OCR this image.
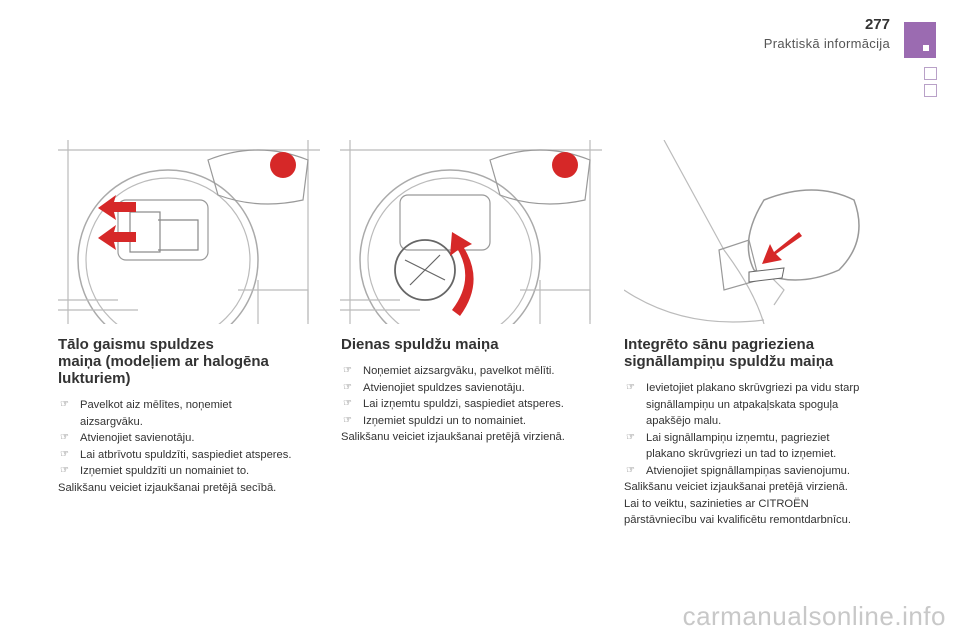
277
Praktiskā informācija
Tālo gaismu spuldzes
maiņa (modeļiem ar halogēna
lukturiem)
☞ Pavelkot aiz mēlītes, noņemiet
aizsargvāku.
☞ Atvienojiet savienotāju.
☞ Lai atbrīvotu spuldzīti, saspiediet atsperes.
☞ Izņemiet spuldzīti un nomainiet to.

Salikšanu veiciet izjaukšanai pretējā secībā.

Dienas spuldžu maiņa
☞ Noņemiet aizsargvāku, pavelkot mēlīti.
☞ Atvienojiet spuldzes savienotāju.
☞ Lai izņemtu spuldzi, saspiediet atsperes.
☞ Izņemiet spuldzi un to nomainiet.

Salikšanu veiciet izjaukšanai pretējā virzienā.

Integrēto sānu pagrieziena
signāllampiņu spuldžu maiņa
☞ Ievietojiet plakano skrūvgriezi pa vidu starp
signāllampiņu un atpakaļskata spoguļa
apakšējo malu.
☞ Lai signāllampiņu izņemtu, pagrieziet
plakano skrūvgriezi un tad to izņemiet.
☞ Atvienojiet spignāllampiņas savienojumu.

Salikšanu veiciet izjaukšanai pretējā virzienā.
Lai to veiktu, sazinieties ar CITROËN
pārstāvniecību vai kvalificētu remontdarbnīcu.

carmanualsonline.info
